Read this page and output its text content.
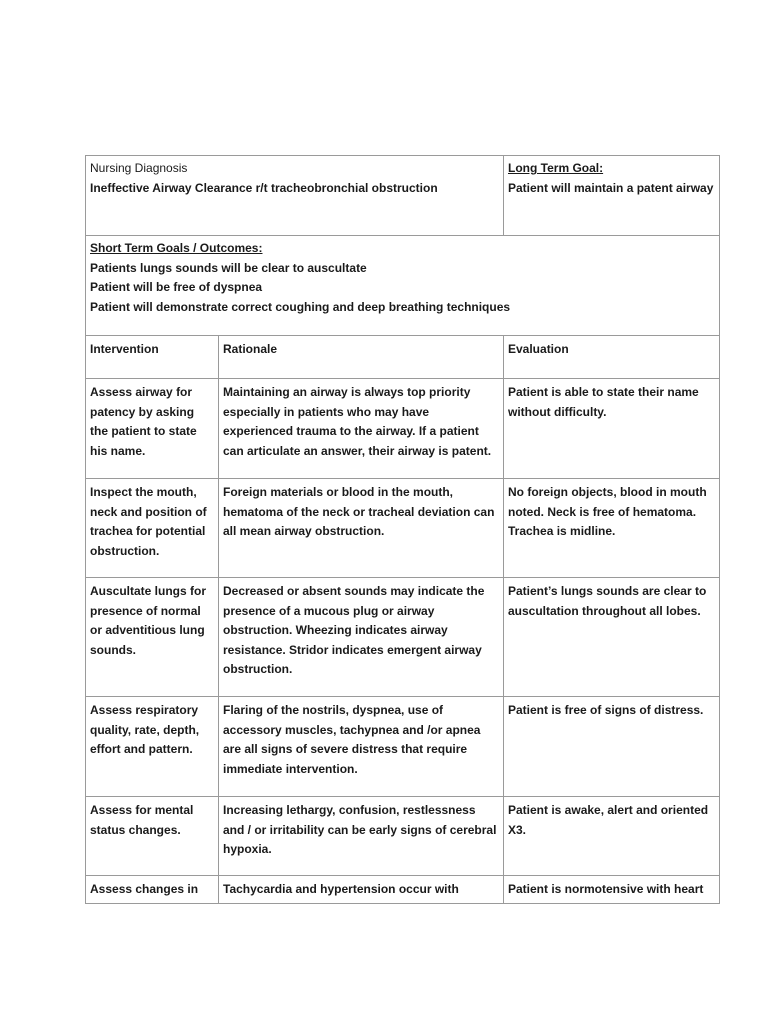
Nursing Diagnosis
Ineffective Airway Clearance r/t tracheobronchial obstruction		Long Term Goal:
Patient will maintain a patent airway

Short Term Goals / Outcomes:
Patients lungs sounds will be clear to auscultate
Patient will be free of dyspnea
Patient will demonstrate correct coughing and deep breathing techniques		

Intervention	Rationale	Evaluation
Assess airway for patency by asking the patient to state his name.	Maintaining an airway is always top priority especially in patients who may have experienced trauma to the airway. If a patient can articulate an answer, their airway is patent.	Patient is able to state their name without difficulty.
Inspect the mouth, neck and position of trachea for potential obstruction.	Foreign materials or blood in the mouth, hematoma of the neck or tracheal deviation can all mean airway obstruction.	No foreign objects, blood in mouth noted. Neck is free of hematoma. Trachea is midline.
Auscultate lungs for presence of normal or adventitious lung sounds.	Decreased or absent sounds may indicate the presence of a mucous plug or airway obstruction. Wheezing indicates airway resistance. Stridor indicates emergent airway obstruction.	Patient’s lungs sounds are clear to auscultation throughout all lobes.
Assess respiratory quality, rate, depth, effort and pattern.	Flaring of the nostrils, dyspnea, use of accessory muscles, tachypnea and /or apnea are all signs of severe distress that require immediate intervention.	Patient is free of signs of distress.
Assess for mental status changes.	Increasing lethargy, confusion, restlessness and / or irritability can be early signs of cerebral hypoxia.	Patient is awake, alert and oriented X3.
Assess changes in	Tachycardia and hypertension occur with	Patient is normotensive with heart
